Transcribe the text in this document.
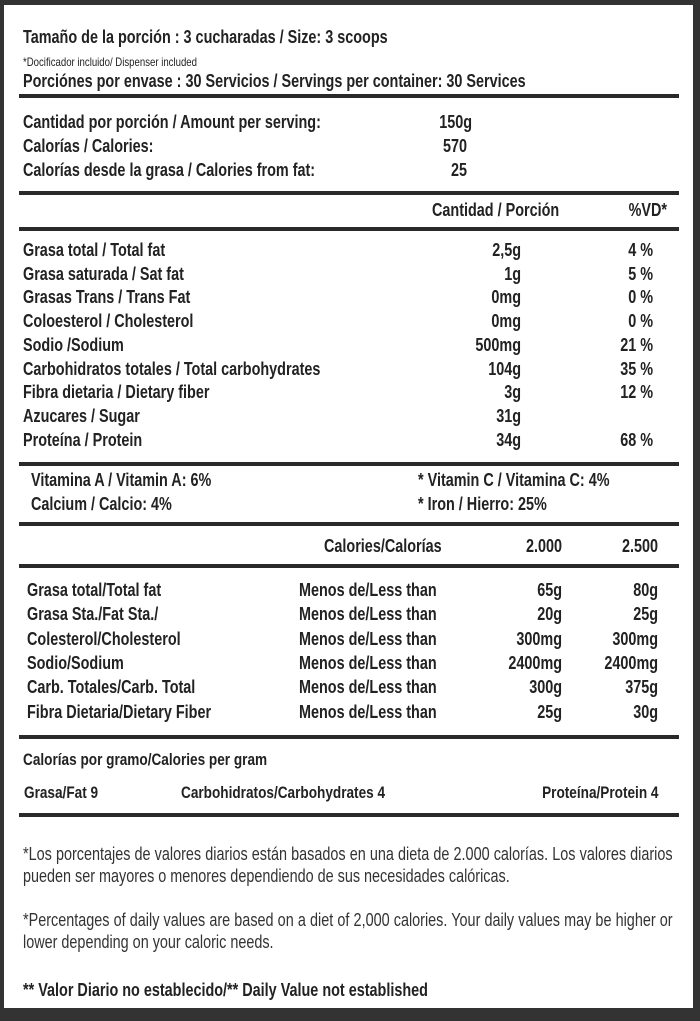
Tamaño de la porción : 3 cucharadas / Size: 3 scoops
*Docificador incluido/ Dispenser included
Porciónes por envase : 30 Servicios / Servings per container: 30 Services
Cantidad por porción / Amount per serving:	150g
Calorías / Calories:	570
Calorías desde la grasa / Calories from fat:	25
Cantidad / Porción	%VD*
Grasa total / Total fat	2,5g	4 %
Grasa saturada / Sat fat	1g	5 %
Grasas Trans / Trans Fat	0mg	0 %
Coloesterol / Cholesterol	0mg	0 %
Sodio /Sodium	500mg	21 %
Carbohidratos totales / Total carbohydrates	104g	35 %
Fibra dietaria / Dietary fiber	3g	12 %
Azucares / Sugar	31g
Proteína / Protein	34g	68 %
Vitamina A / Vitamin A: 6%	* Vitamin C / Vitamina C: 4%
Calcium / Calcio: 4%	* Iron / Hierro: 25%
Calories/Calorías	2.000	2.500
Grasa total/Total fat	Menos de/Less than	65g	80g
Grasa Sta./Fat Sta./	Menos de/Less than	20g	25g
Colesterol/Cholesterol	Menos de/Less than	300mg	300mg
Sodio/Sodium	Menos de/Less than	2400mg 2400mg
Carb. Totales/Carb. Total	Menos de/Less than	300g	375g
Fibra Dietaria/Dietary Fiber	Menos de/Less than	25g	30g
Calorías por gramo/Calories per gram
Grasa/Fat 9	Carbohidratos/Carbohydrates 4	Proteína/Protein 4
*Los porcentajes de valores diarios están basados en una dieta de 2.000 calorías. Los valores diarios pueden ser mayores o menores dependiendo de sus necesidades calóricas.
*Percentages of daily values are based on a diet of 2,000 calories. Your daily values may be higher or lower depending on your caloric needs.
** Valor Diario no establecido/** Daily Value not established
